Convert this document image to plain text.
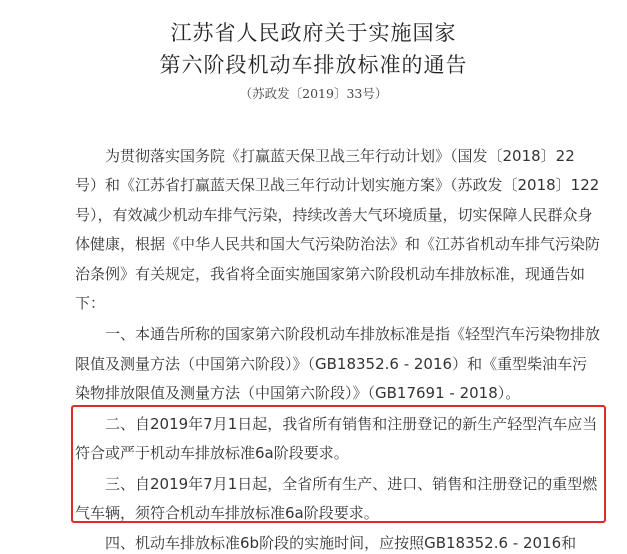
江苏省人民政府关于实施国家
第六阶段机动车排放标准的通告
（苏政发〔2019〕33号）
　　为贯彻落实国务院《打赢蓝天保卫战三年行动计划》（国发〔2018〕22
号）和《江苏省打赢蓝天保卫战三年行动计划实施方案》（苏政发〔2018〕122
号），有效减少机动车排气污染，持续改善大气环境质量，切实保障人民群众身
体健康，根据《中华人民共和国大气污染防治法》和《江苏省机动车排气污染防
治条例》有关规定，我省将全面实施国家第六阶段机动车排放标准，现通告如
下：
　　一、本通告所称的国家第六阶段机动车排放标准是指《轻型汽车污染物排放
限值及测量方法（中国第六阶段）》（GB18352.6 - 2016）和《重型柴油车污
染物排放限值及测量方法（中国第六阶段）》（GB17691 - 2018）。
　　二、自2019年7月1日起，我省所有销售和注册登记的新生产轻型汽车应当
符合或严于机动车排放标准6a阶段要求。
　　三、自2019年7月1日起，全省所有生产、进口、销售和注册登记的重型燃
气车辆，须符合机动车排放标准6a阶段要求。
　　四、机动车排放标准6b阶段的实施时间，应按照GB18352.6 - 2016和
